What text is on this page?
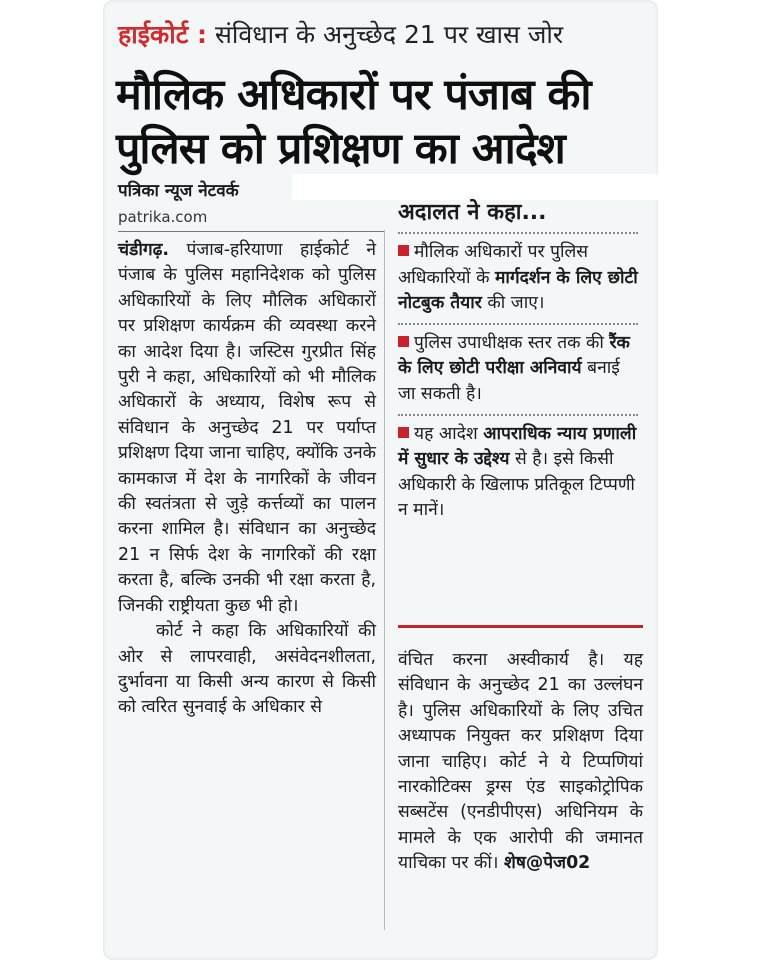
हाईकोर्ट : संविधान के अनुच्छेद 21 पर खास जोर
मौलिक अधिकारों पर पंजाब की
पुलिस को प्रशिक्षण का आदेश
पत्रिका न्यूज नेटवर्क
patrika.com

चंडीगढ़. पंजाब-हरियाणा हाईकोर्ट ने पंजाब के पुलिस महानिदेशक को पुलिस अधिकारियों के लिए मौलिक अधिकारों पर प्रशिक्षण कार्यक्रम की व्यवस्था करने का आदेश दिया है। जस्टिस गुरप्रीत सिंह पुरी ने कहा, अधिकारियों को भी मौलिक अधिकारों के अध्याय, विशेष रूप से संविधान के अनुच्छेद 21 पर पर्याप्त प्रशिक्षण दिया जाना चाहिए, क्योंकि उनके कामकाज में देश के नागरिकों के जीवन की स्वतंत्रता से जुड़े कर्त्तव्यों का पालन करना शामिल है। संविधान का अनुच्छेद 21 न सिर्फ देश के नागरिकों की रक्षा करता है, बल्कि उनकी भी रक्षा करता है, जिनकी राष्ट्रीयता कुछ भी हो।

कोर्ट ने कहा कि अधिकारियों की ओर से लापरवाही, असंवेदनशीलता, दुर्भावना या किसी अन्य कारण से किसी को त्वरित सुनवाई के अधिकार से

अदालत ने कहा...
मौलिक अधिकारों पर पुलिस अधिकारियों के मार्गदर्शन के लिए छोटी नोटबुक तैयार की जाए।
पुलिस उपाधीक्षक स्तर तक की रैंक के लिए छोटी परीक्षा अनिवार्य बनाई जा सकती है।
यह आदेश आपराधिक न्याय प्रणाली में सुधार के उद्देश्य से है। इसे किसी अधिकारी के खिलाफ प्रतिकूल टिप्पणी न मानें।

वंचित करना अस्वीकार्य है। यह संविधान के अनुच्छेद 21 का उल्लंघन है। पुलिस अधिकारियों के लिए उचित अध्यापक नियुक्त कर प्रशिक्षण दिया जाना चाहिए। कोर्ट ने ये टिप्पणियां नारकोटिक्स ड्रग्स एंड साइकोट्रोपिक सब्सटेंस (एनडीपीएस) अधिनियम के मामले के एक आरोपी की जमानत याचिका पर कीं। शेष@पेज02
